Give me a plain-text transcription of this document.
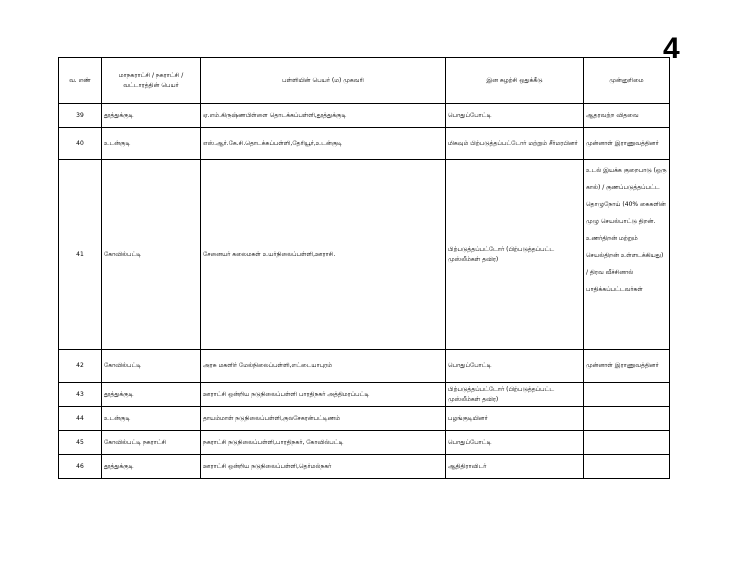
4
வ. எண்	மாநகராட்சி / நகராட்சி / வட்டாரத்தின் பெயர்	பள்ளியின் பெயர் (ம) முகவரி	இன சுழற்சி ஒதுக்கீடு	முன்னுரிமை
39	தூத்துக்குடி	ஏ.எம்.கிருஷ்ணபிள்ளை தொடக்கப்பள்ளி,தூத்துக்குடி	பொதுப்போட்டி	ஆதரவற்ற விதவை
40	உடன்குடி	எஸ்.ஆர்.கே.சி.தொடக்கப்பள்ளி,தேரியூர்,உடன்குடி	மிகவும் பிற்படுத்தப்பட்டோர் மற்றும் சீர்மரபினர்	முன்னாள் இராணுவத்தினர்
41	கோவில்பட்டி	சேனையர் கலைமகள் உயர்நிலைப்பள்ளி,ஊராசி.	பிற்படுத்தப்பட்டோர் (பிற்படுத்தப்பட்ட முஸ்லீம்கள் தவிர)	உடல் இயக்க குறைபாடு (ஒரு கால்) / குணப்படுத்தப்பட்ட தொழுநோய் (40% கைகளின் முழு செயல்பாட்டு திறன். உணர்திறன் மற்றும் செயல்திறன் உள்ளடக்கியது) / திரவ வீச்சினால் பாதிக்கப்பட்டவர்கள்
42	கோவில்பட்டி	அரசு மகளிர் மேல்நிலைப்பள்ளி,எட்டையாபுரம்	பொதுப்போட்டி	முன்னாள் இராணுவத்தினர்
43	தூத்துக்குடி	ஊராட்சி ஒன்றிய நடுநிலைப்பள்ளி பாரதிநகர் அத்திமரப்பட்டி	பிற்படுத்தப்பட்டோர் (பிற்படுத்தப்பட்ட முஸ்லீம்கள் தவிர)	
44	உடன்குடி	தாயம்மாள் நடுநிலைப்பள்ளி,குலசேகரன்பட்டிணம்	பழங்குடியினர்	
45	கோவில்பட்டி நகராட்சி	நகராட்சி நடுநிலைப்பள்ளி,பாரதிநகர், கோவில்பட்டி	பொதுப்போட்டி	
46	தூத்துக்குடி	ஊராட்சி ஒன்றிய நடுநிலைப்பள்ளி,தெர்மல்நகர்	ஆதிதிராவிடர்	
